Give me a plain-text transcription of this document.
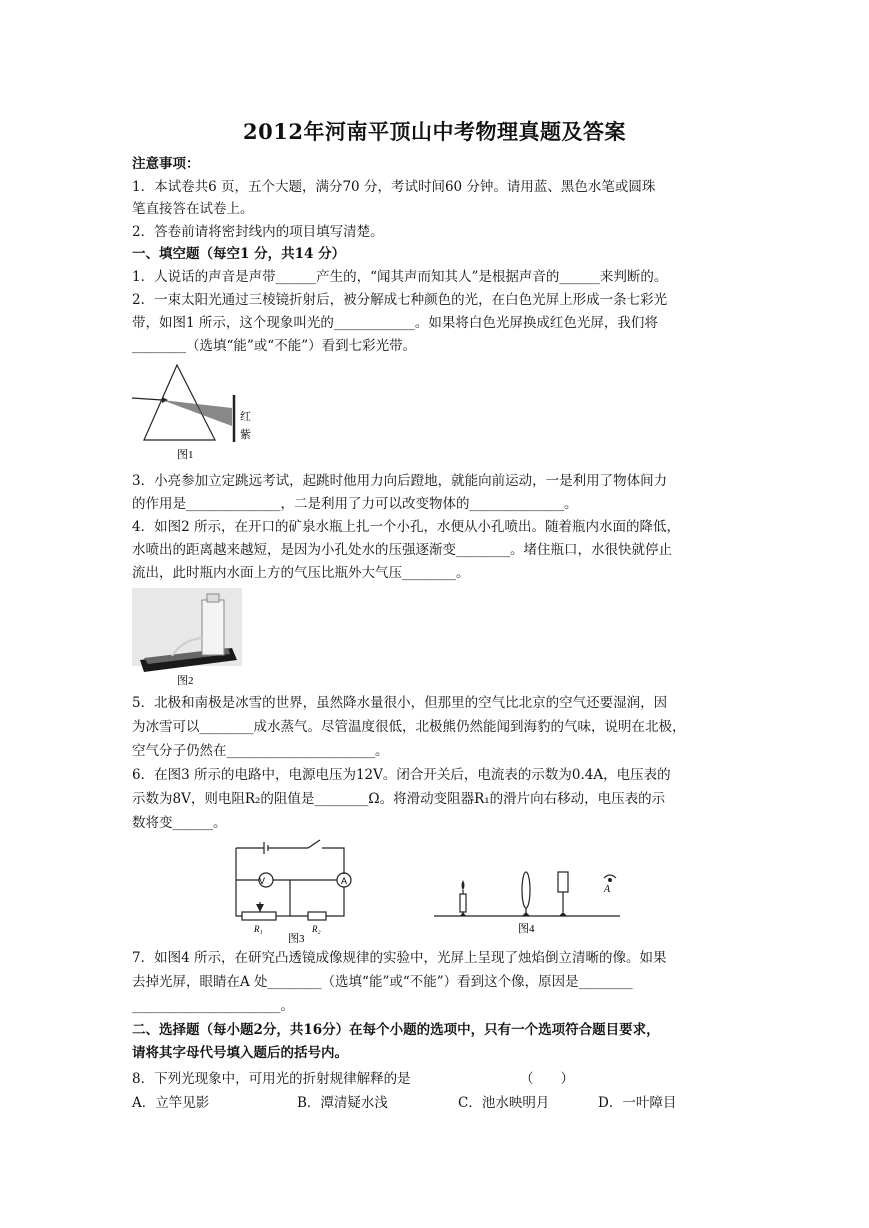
2012年河南平顶山中考物理真题及答案
注意事项：
1．本试卷共6 页，五个大题，满分70 分，考试时间60 分钟。请用蓝、黑色水笔或圆珠
笔直接答在试卷上。
2．答卷前请将密封线内的项目填写清楚。
一、填空题（每空1 分，共14 分）
1．人说话的声音是声带______产生的，“闻其声而知其人”是根据声音的______来判断的。
2．一束太阳光通过三棱镜折射后，被分解成七种颜色的光，在白色光屏上形成一条七彩光
带，如图1 所示，这个现象叫光的____________。如果将白色光屏换成红色光屏，我们将
________（选填“能”或“不能”）看到七彩光带。
红
紫
图1
3．小亮参加立定跳远考试，起跳时他用力向后蹬地，就能向前运动，一是利用了物体间力
的作用是______________，二是利用了力可以改变物体的______________。
4．如图2 所示，在开口的矿泉水瓶上扎一个小孔，水便从小孔喷出。随着瓶内水面的降低，
水喷出的距离越来越短，是因为小孔处水的压强逐渐变________。堵住瓶口，水很快就停止
流出，此时瓶内水面上方的气压比瓶外大气压________。
图2
5．北极和南极是冰雪的世界，虽然降水量很小，但那里的空气比北京的空气还要湿润，因
为冰雪可以________成水蒸气。尽管温度很低，北极熊仍然能闻到海豹的气味，说明在北极，
空气分子仍然在______________________。
6．在图3 所示的电路中，电源电压为12V。闭合开关后，电流表的示数为0.4A，电压表的
示数为8V，则电阻R₂的阻值是________Ω。将滑动变阻器R₁的滑片向右移动，电压表的示
数将变______。
V	A
R₁	R₂
图3
A
图4
7．如图4 所示，在研究凸透镜成像规律的实验中，光屏上呈现了烛焰倒立清晰的像。如果
去掉光屏，眼睛在A 处________（选填“能”或“不能”）看到这个像，原因是________
______________________。
二、选择题（每小题2分，共16分）在每个小题的选项中，只有一个选项符合题目要求，
请将其字母代号填入题后的括号内。
8．下列光现象中，可用光的折射规律解释的是	（　　）
A．立竿见影	B．潭清疑水浅	C．池水映明月	D．一叶障目
